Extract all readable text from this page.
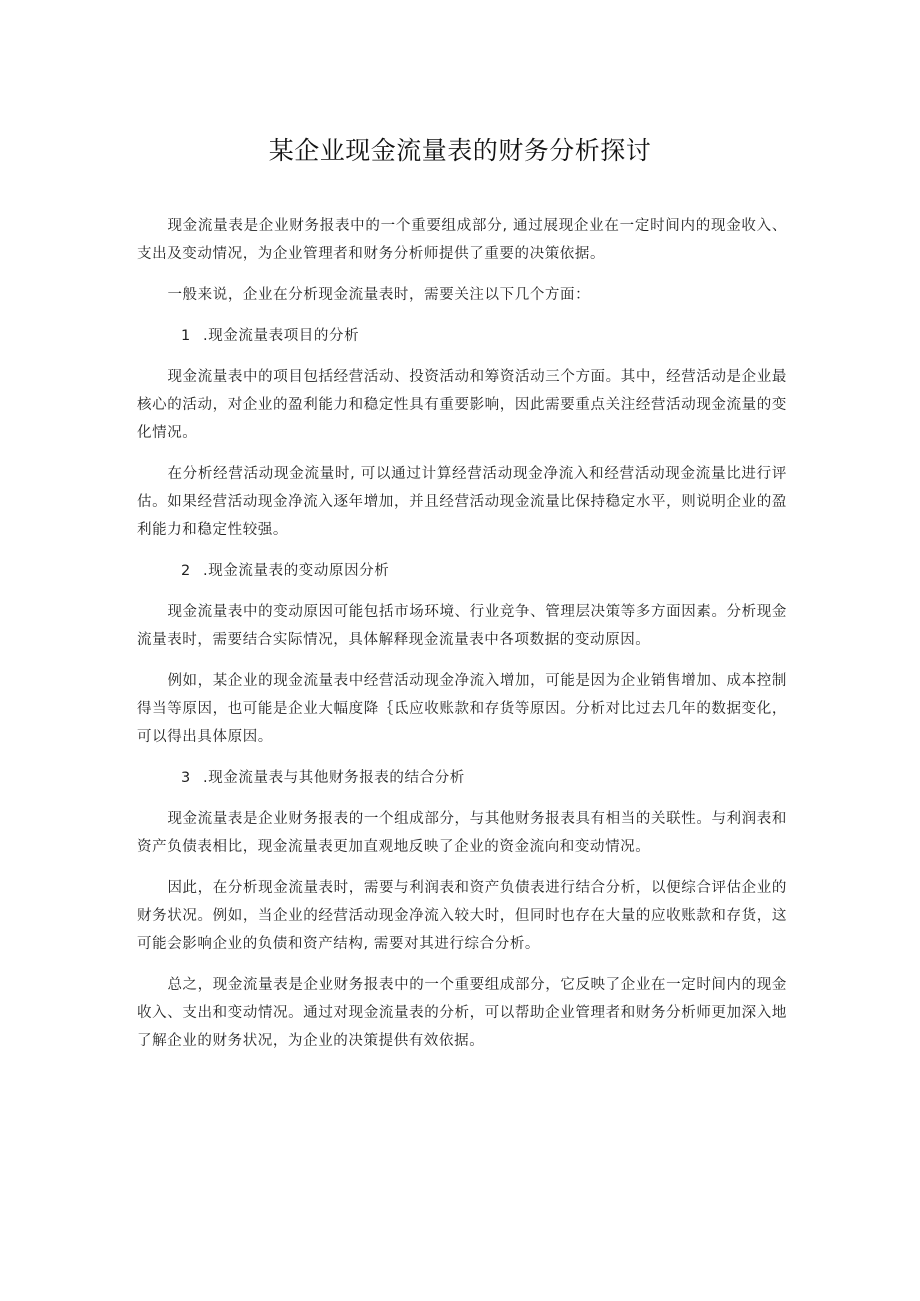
某企业现金流量表的财务分析探讨

现金流量表是企业财务报表中的一个重要组成部分, 通过展现企业在一定时间内的现金收入、支出及变动情况，为企业管理者和财务分析师提供了重要的决策依据。

一般来说，企业在分析现金流量表时，需要关注以下几个方面：

1 .现金流量表项目的分析

现金流量表中的项目包括经营活动、投资活动和筹资活动三个方面。其中，经营活动是企业最核心的活动，对企业的盈利能力和稳定性具有重要影响，因此需要重点关注经营活动现金流量的变化情况。

在分析经营活动现金流量时, 可以通过计算经营活动现金净流入和经营活动现金流量比进行评估。如果经营活动现金净流入逐年增加，并且经营活动现金流量比保持稳定水平，则说明企业的盈利能力和稳定性较强。

2 .现金流量表的变动原因分析

现金流量表中的变动原因可能包括市场环境、行业竞争、管理层决策等多方面因素。分析现金流量表时，需要结合实际情况，具体解释现金流量表中各项数据的变动原因。

例如，某企业的现金流量表中经营活动现金净流入增加，可能是因为企业销售增加、成本控制得当等原因，也可能是企业大幅度降｛氐应收账款和存货等原因。分析对比过去几年的数据变化，可以得出具体原因。

3 .现金流量表与其他财务报表的结合分析

现金流量表是企业财务报表的一个组成部分，与其他财务报表具有相当的关联性。与利润表和资产负债表相比，现金流量表更加直观地反映了企业的资金流向和变动情况。

因此，在分析现金流量表时，需要与利润表和资产负债表进行结合分析，以便综合评估企业的财务状况。例如，当企业的经营活动现金净流入较大时，但同时也存在大量的应收账款和存货，这可能会影响企业的负债和资产结构, 需要对其进行综合分析。

总之，现金流量表是企业财务报表中的一个重要组成部分，它反映了企业在一定时间内的现金收入、支出和变动情况。通过对现金流量表的分析，可以帮助企业管理者和财务分析师更加深入地了解企业的财务状况，为企业的决策提供有效依据。
